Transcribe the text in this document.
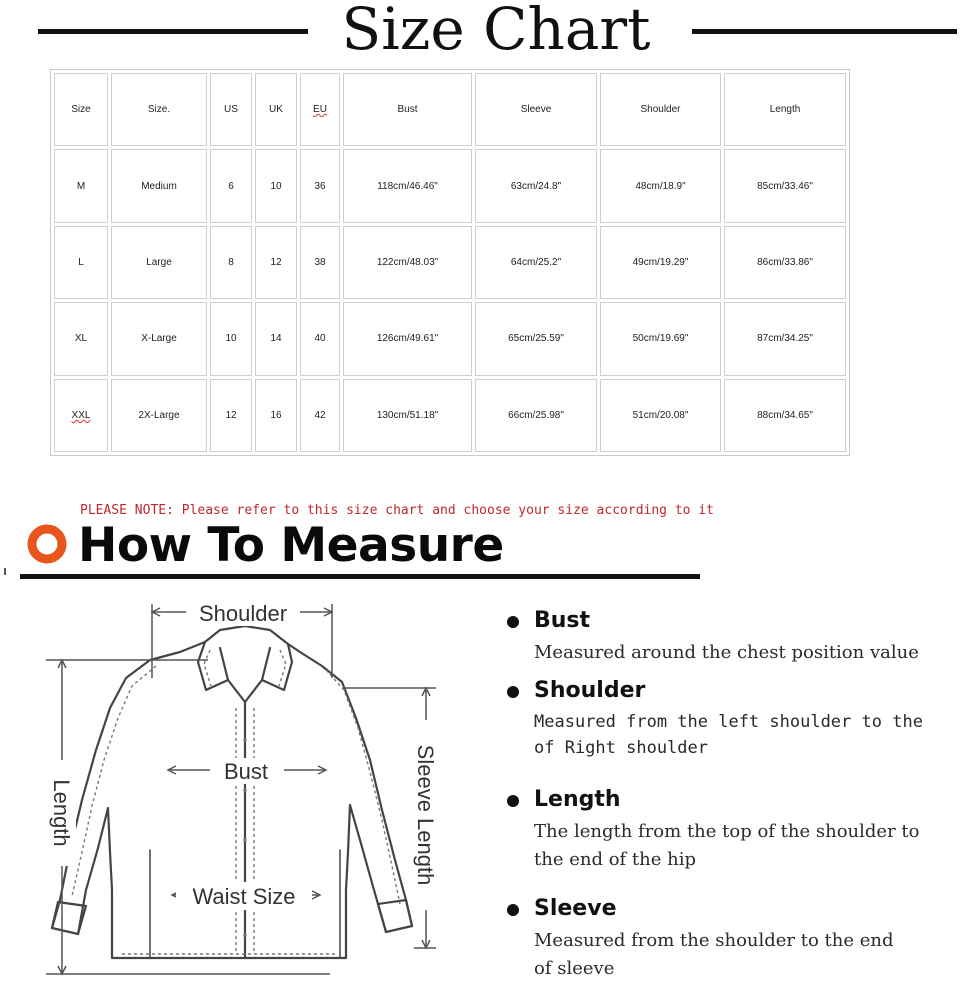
Size Chart
Size	Size.	US	UK	EU	Bust	Sleeve	Shoulder	Length
M	Medium	6	10	36	118cm/46.46"	63cm/24.8"	48cm/18.9"	85cm/33.46"
L	Large	8	12	38	122cm/48.03"	64cm/25.2"	49cm/19.29"	86cm/33.86"
XL	X-Large	10	14	40	126cm/49.61"	65cm/25.59"	50cm/19.69"	87cm/34.25"
XXL	2X-Large	12	16	42	130cm/51.18"	66cm/25.98"	51cm/20.08"	88cm/34.65"
PLEASE NOTE: Please refer to this size chart and choose your size according to it
How To Measure
Shoulder
Bust
Waist Size
Length	Sleeve Length
Bust
Measured around the chest position value
Shoulder
Measured from the left shoulder to the
of Right shoulder
Length
The length from the top of the shoulder to
the end of the hip
Sleeve
Measured from the shoulder to the end
of sleeve
